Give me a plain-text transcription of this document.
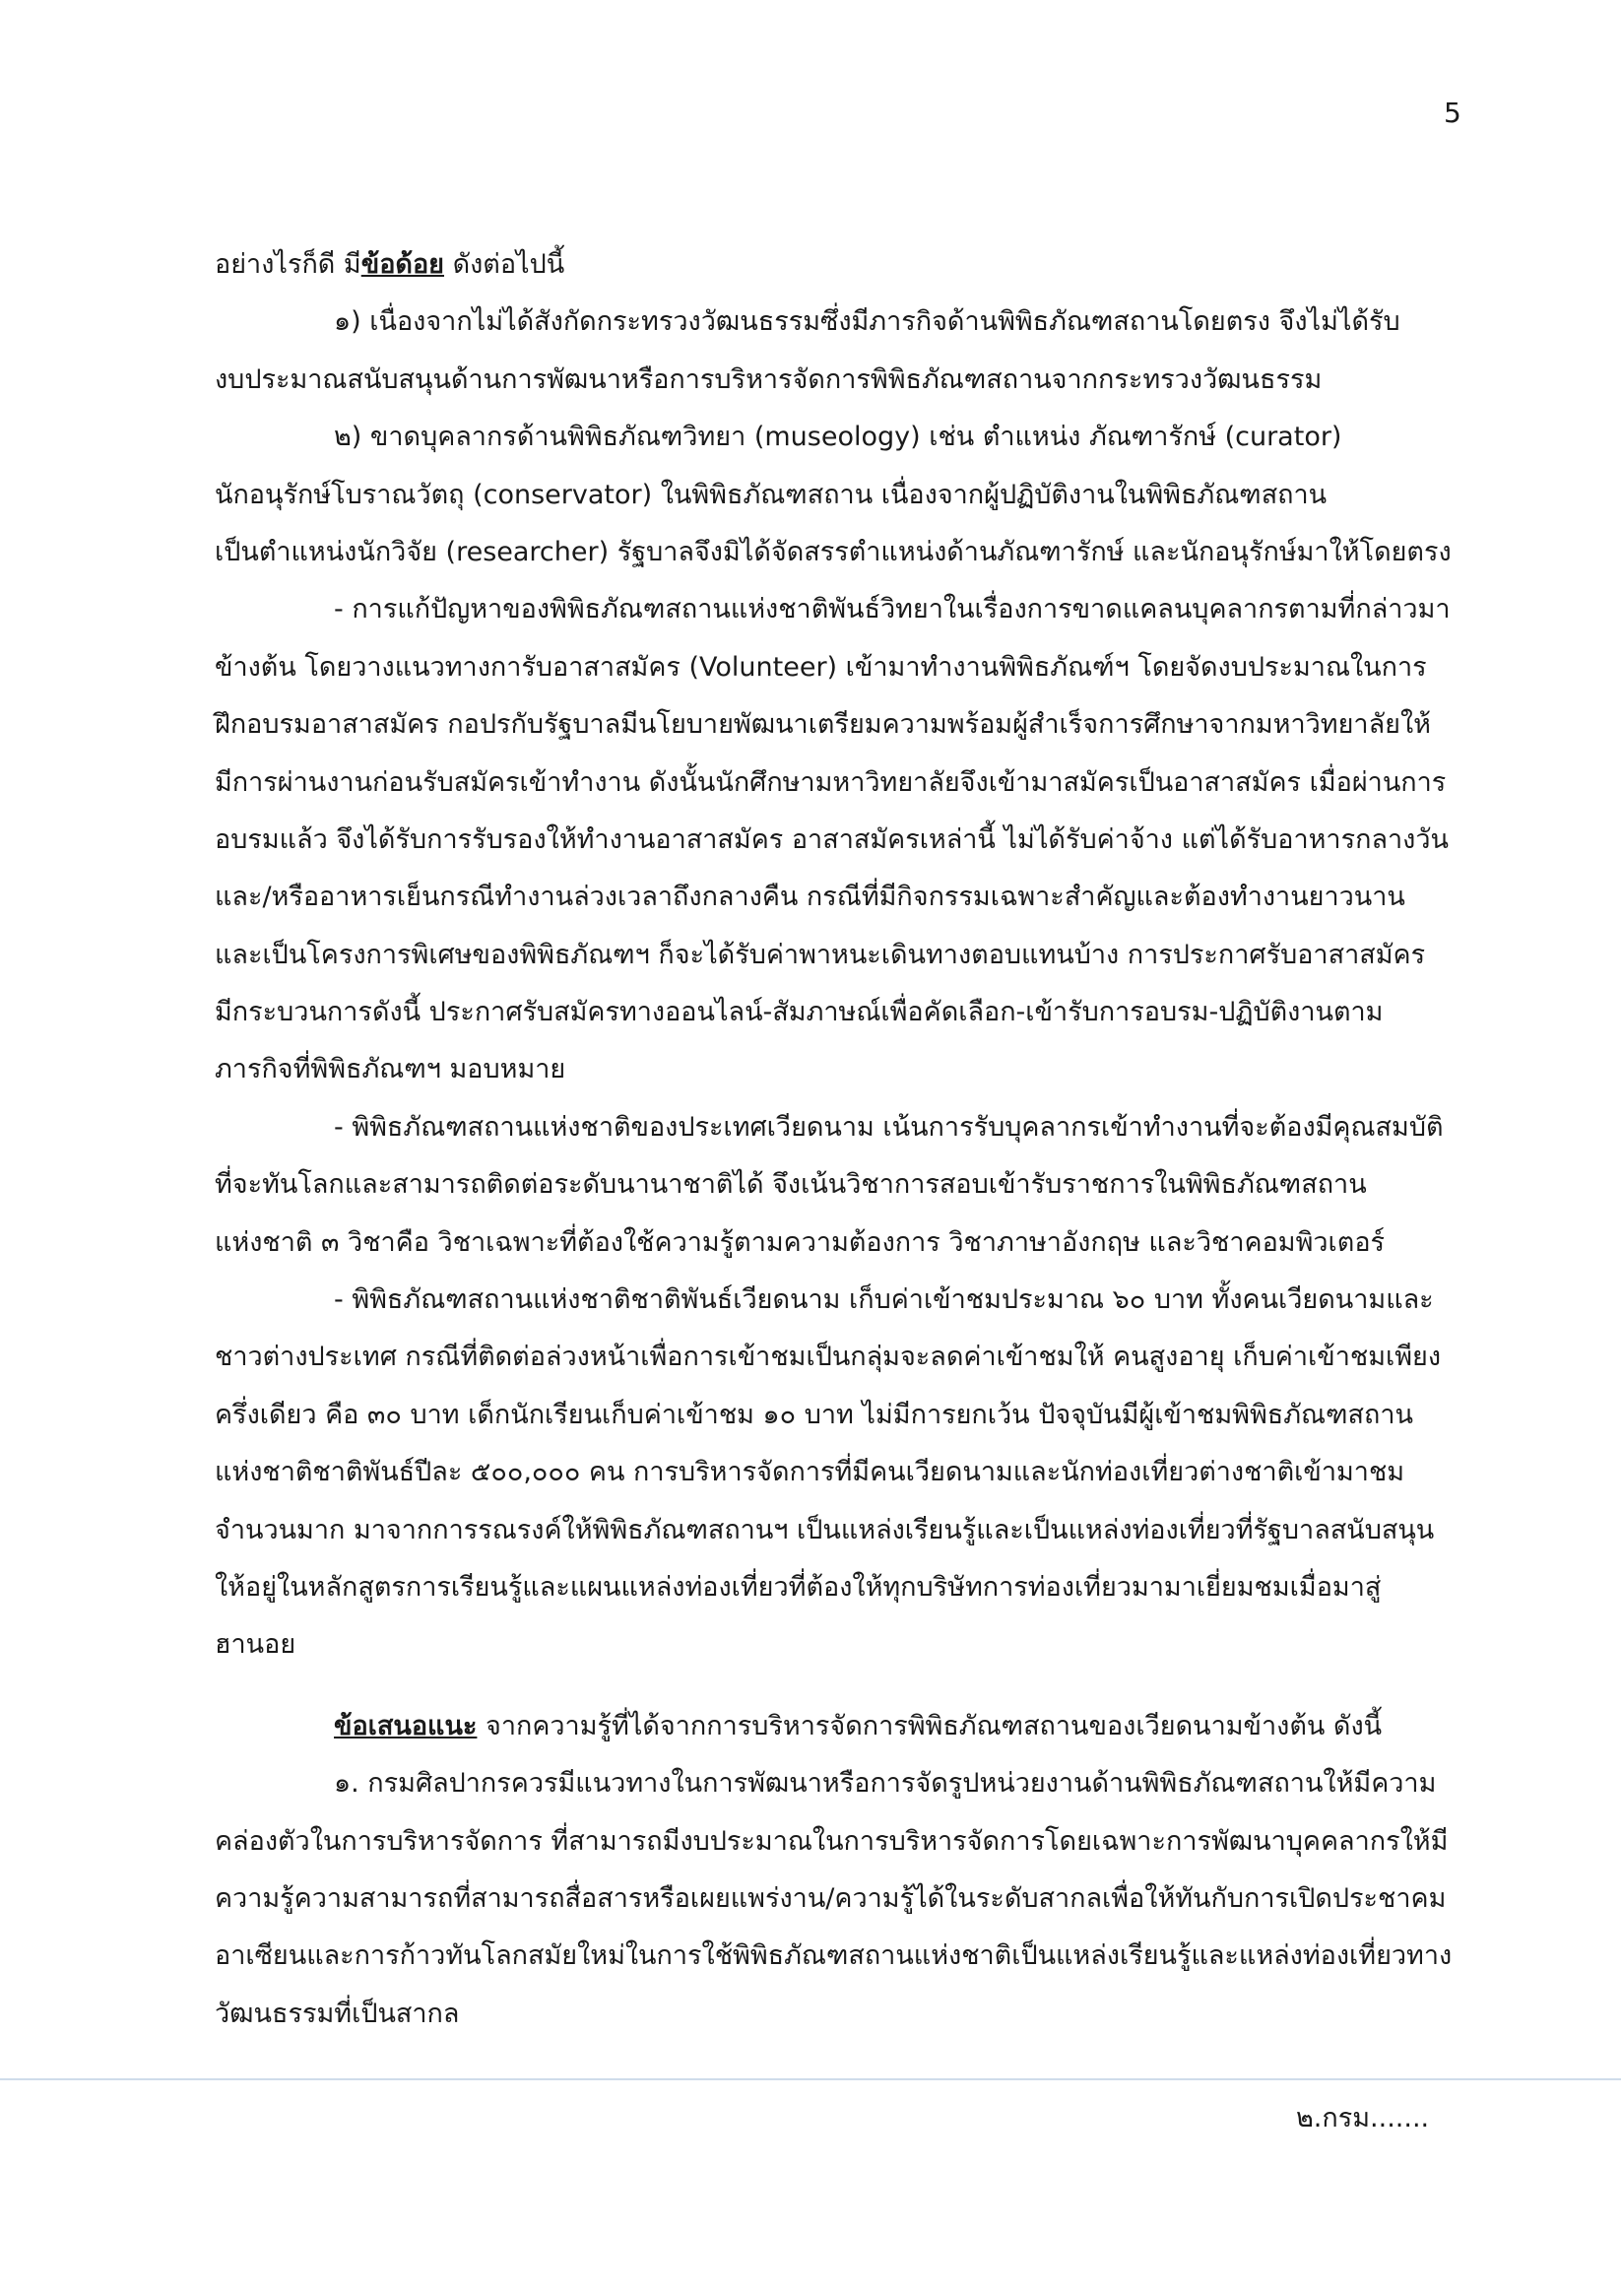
5
อย่างไรก็ดี มีข้อด้อย ดังต่อไปนี้
๑) เนื่องจากไม่ได้สังกัดกระทรวงวัฒนธรรมซึ่งมีภารกิจด้านพิพิธภัณฑสถานโดยตรง จึงไม่ได้รับ
งบประมาณสนับสนุนด้านการพัฒนาหรือการบริหารจัดการพิพิธภัณฑสถานจากกระทรวงวัฒนธรรม
๒) ขาดบุคลากรด้านพิพิธภัณฑวิทยา (museology) เช่น ตำแหน่ง ภัณฑารักษ์ (curator)
นักอนุรักษ์โบราณวัตถุ (conservator) ในพิพิธภัณฑสถาน เนื่องจากผู้ปฏิบัติงานในพิพิธภัณฑสถาน
เป็นตำแหน่งนักวิจัย (researcher) รัฐบาลจึงมิได้จัดสรรตำแหน่งด้านภัณฑารักษ์ และนักอนุรักษ์มาให้โดยตรง
- การแก้ปัญหาของพิพิธภัณฑสถานแห่งชาติพันธ์วิทยาในเรื่องการขาดแคลนบุคลากรตามที่กล่าวมา
ข้างต้น โดยวางแนวทางการับอาสาสมัคร (Volunteer) เข้ามาทำงานพิพิธภัณฑ์ฯ โดยจัดงบประมาณในการ
ฝึกอบรมอาสาสมัคร กอปรกับรัฐบาลมีนโยบายพัฒนาเตรียมความพร้อมผู้สำเร็จการศึกษาจากมหาวิทยาลัยให้
มีการผ่านงานก่อนรับสมัครเข้าทำงาน ดังนั้นนักศึกษามหาวิทยาลัยจึงเข้ามาสมัครเป็นอาสาสมัคร เมื่อผ่านการ
อบรมแล้ว จึงได้รับการรับรองให้ทำงานอาสาสมัคร อาสาสมัครเหล่านี้ ไม่ได้รับค่าจ้าง แต่ได้รับอาหารกลางวัน
และ/หรืออาหารเย็นกรณีทำงานล่วงเวลาถึงกลางคืน กรณีที่มีกิจกรรมเฉพาะสำคัญและต้องทำงานยาวนาน
และเป็นโครงการพิเศษของพิพิธภัณฑฯ ก็จะได้รับค่าพาหนะเดินทางตอบแทนบ้าง การประกาศรับอาสาสมัคร
มีกระบวนการดังนี้ ประกาศรับสมัครทางออนไลน์-สัมภาษณ์เพื่อคัดเลือก-เข้ารับการอบรม-ปฏิบัติงานตาม
ภารกิจที่พิพิธภัณฑฯ มอบหมาย
- พิพิธภัณฑสถานแห่งชาติของประเทศเวียดนาม เน้นการรับบุคลากรเข้าทำงานที่จะต้องมีคุณสมบัติ
ที่จะทันโลกและสามารถติดต่อระดับนานาชาติได้ จึงเน้นวิชาการสอบเข้ารับราชการในพิพิธภัณฑสถาน
แห่งชาติ ๓ วิชาคือ วิชาเฉพาะที่ต้องใช้ความรู้ตามความต้องการ วิชาภาษาอังกฤษ และวิชาคอมพิวเตอร์
- พิพิธภัณฑสถานแห่งชาติชาติพันธ์เวียดนาม เก็บค่าเข้าชมประมาณ ๖๐ บาท ทั้งคนเวียดนามและ
ชาวต่างประเทศ กรณีที่ติดต่อล่วงหน้าเพื่อการเข้าชมเป็นกลุ่มจะลดค่าเข้าชมให้ คนสูงอายุ เก็บค่าเข้าชมเพียง
ครึ่งเดียว คือ ๓๐ บาท เด็กนักเรียนเก็บค่าเข้าชม ๑๐ บาท ไม่มีการยกเว้น ปัจจุบันมีผู้เข้าชมพิพิธภัณฑสถาน
แห่งชาติชาติพันธ์ปีละ ๕๐๐,๐๐๐ คน การบริหารจัดการที่มีคนเวียดนามและนักท่องเที่ยวต่างชาติเข้ามาชม
จำนวนมาก มาจากการรณรงค์ให้พิพิธภัณฑสถานฯ เป็นแหล่งเรียนรู้และเป็นแหล่งท่องเที่ยวที่รัฐบาลสนับสนุน
ให้อยู่ในหลักสูตรการเรียนรู้และแผนแหล่งท่องเที่ยวที่ต้องให้ทุกบริษัทการท่องเที่ยวมามาเยี่ยมชมเมื่อมาสู่
ฮานอย
ข้อเสนอแนะ จากความรู้ที่ได้จากการบริหารจัดการพิพิธภัณฑสถานของเวียดนามข้างต้น ดังนี้
๑. กรมศิลปากรควรมีแนวทางในการพัฒนาหรือการจัดรูปหน่วยงานด้านพิพิธภัณฑสถานให้มีความ
คล่องตัวในการบริหารจัดการ ที่สามารถมีงบประมาณในการบริหารจัดการโดยเฉพาะการพัฒนาบุคคลากรให้มี
ความรู้ความสามารถที่สามารถสื่อสารหรือเผยแพร่งาน/ความรู้ได้ในระดับสากลเพื่อให้ทันกับการเปิดประชาคม
อาเซียนและการก้าวทันโลกสมัยใหม่ในการใช้พิพิธภัณฑสถานแห่งชาติเป็นแหล่งเรียนรู้และแหล่งท่องเที่ยวทาง
วัฒนธรรมที่เป็นสากล
๒.กรม.......
